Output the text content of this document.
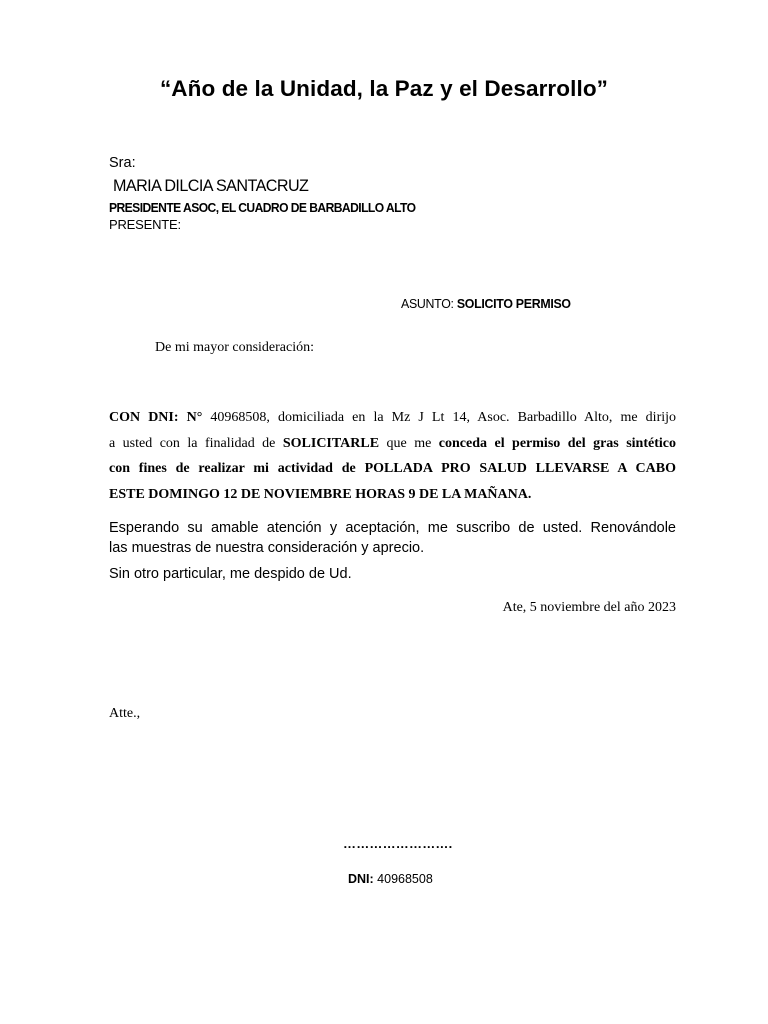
“Año de la Unidad, la Paz y el Desarrollo”
Sra:
MARIA DILCIA SANTACRUZ
PRESIDENTE ASOC, EL CUADRO DE BARBADILLO ALTO
PRESENTE:
ASUNTO: SOLICITO PERMISO
De mi mayor consideración:
CON DNI: N° 40968508, domiciliada en la Mz J Lt 14, Asoc. Barbadillo Alto, me dirijo
a usted con la finalidad de SOLICITARLE que me conceda el permiso del gras sintético
con fines de realizar mi actividad de POLLADA PRO SALUD LLEVARSE A CABO
ESTE DOMINGO 12 DE NOVIEMBRE HORAS 9 DE LA MAÑANA.
Esperando su amable atención y aceptación, me suscribo de usted. Renovándole
las muestras de nuestra consideración y aprecio.
Sin otro particular, me despido de Ud.
Ate, 5 noviembre del año 2023
Atte.,
…………………….
DNI: 40968508
